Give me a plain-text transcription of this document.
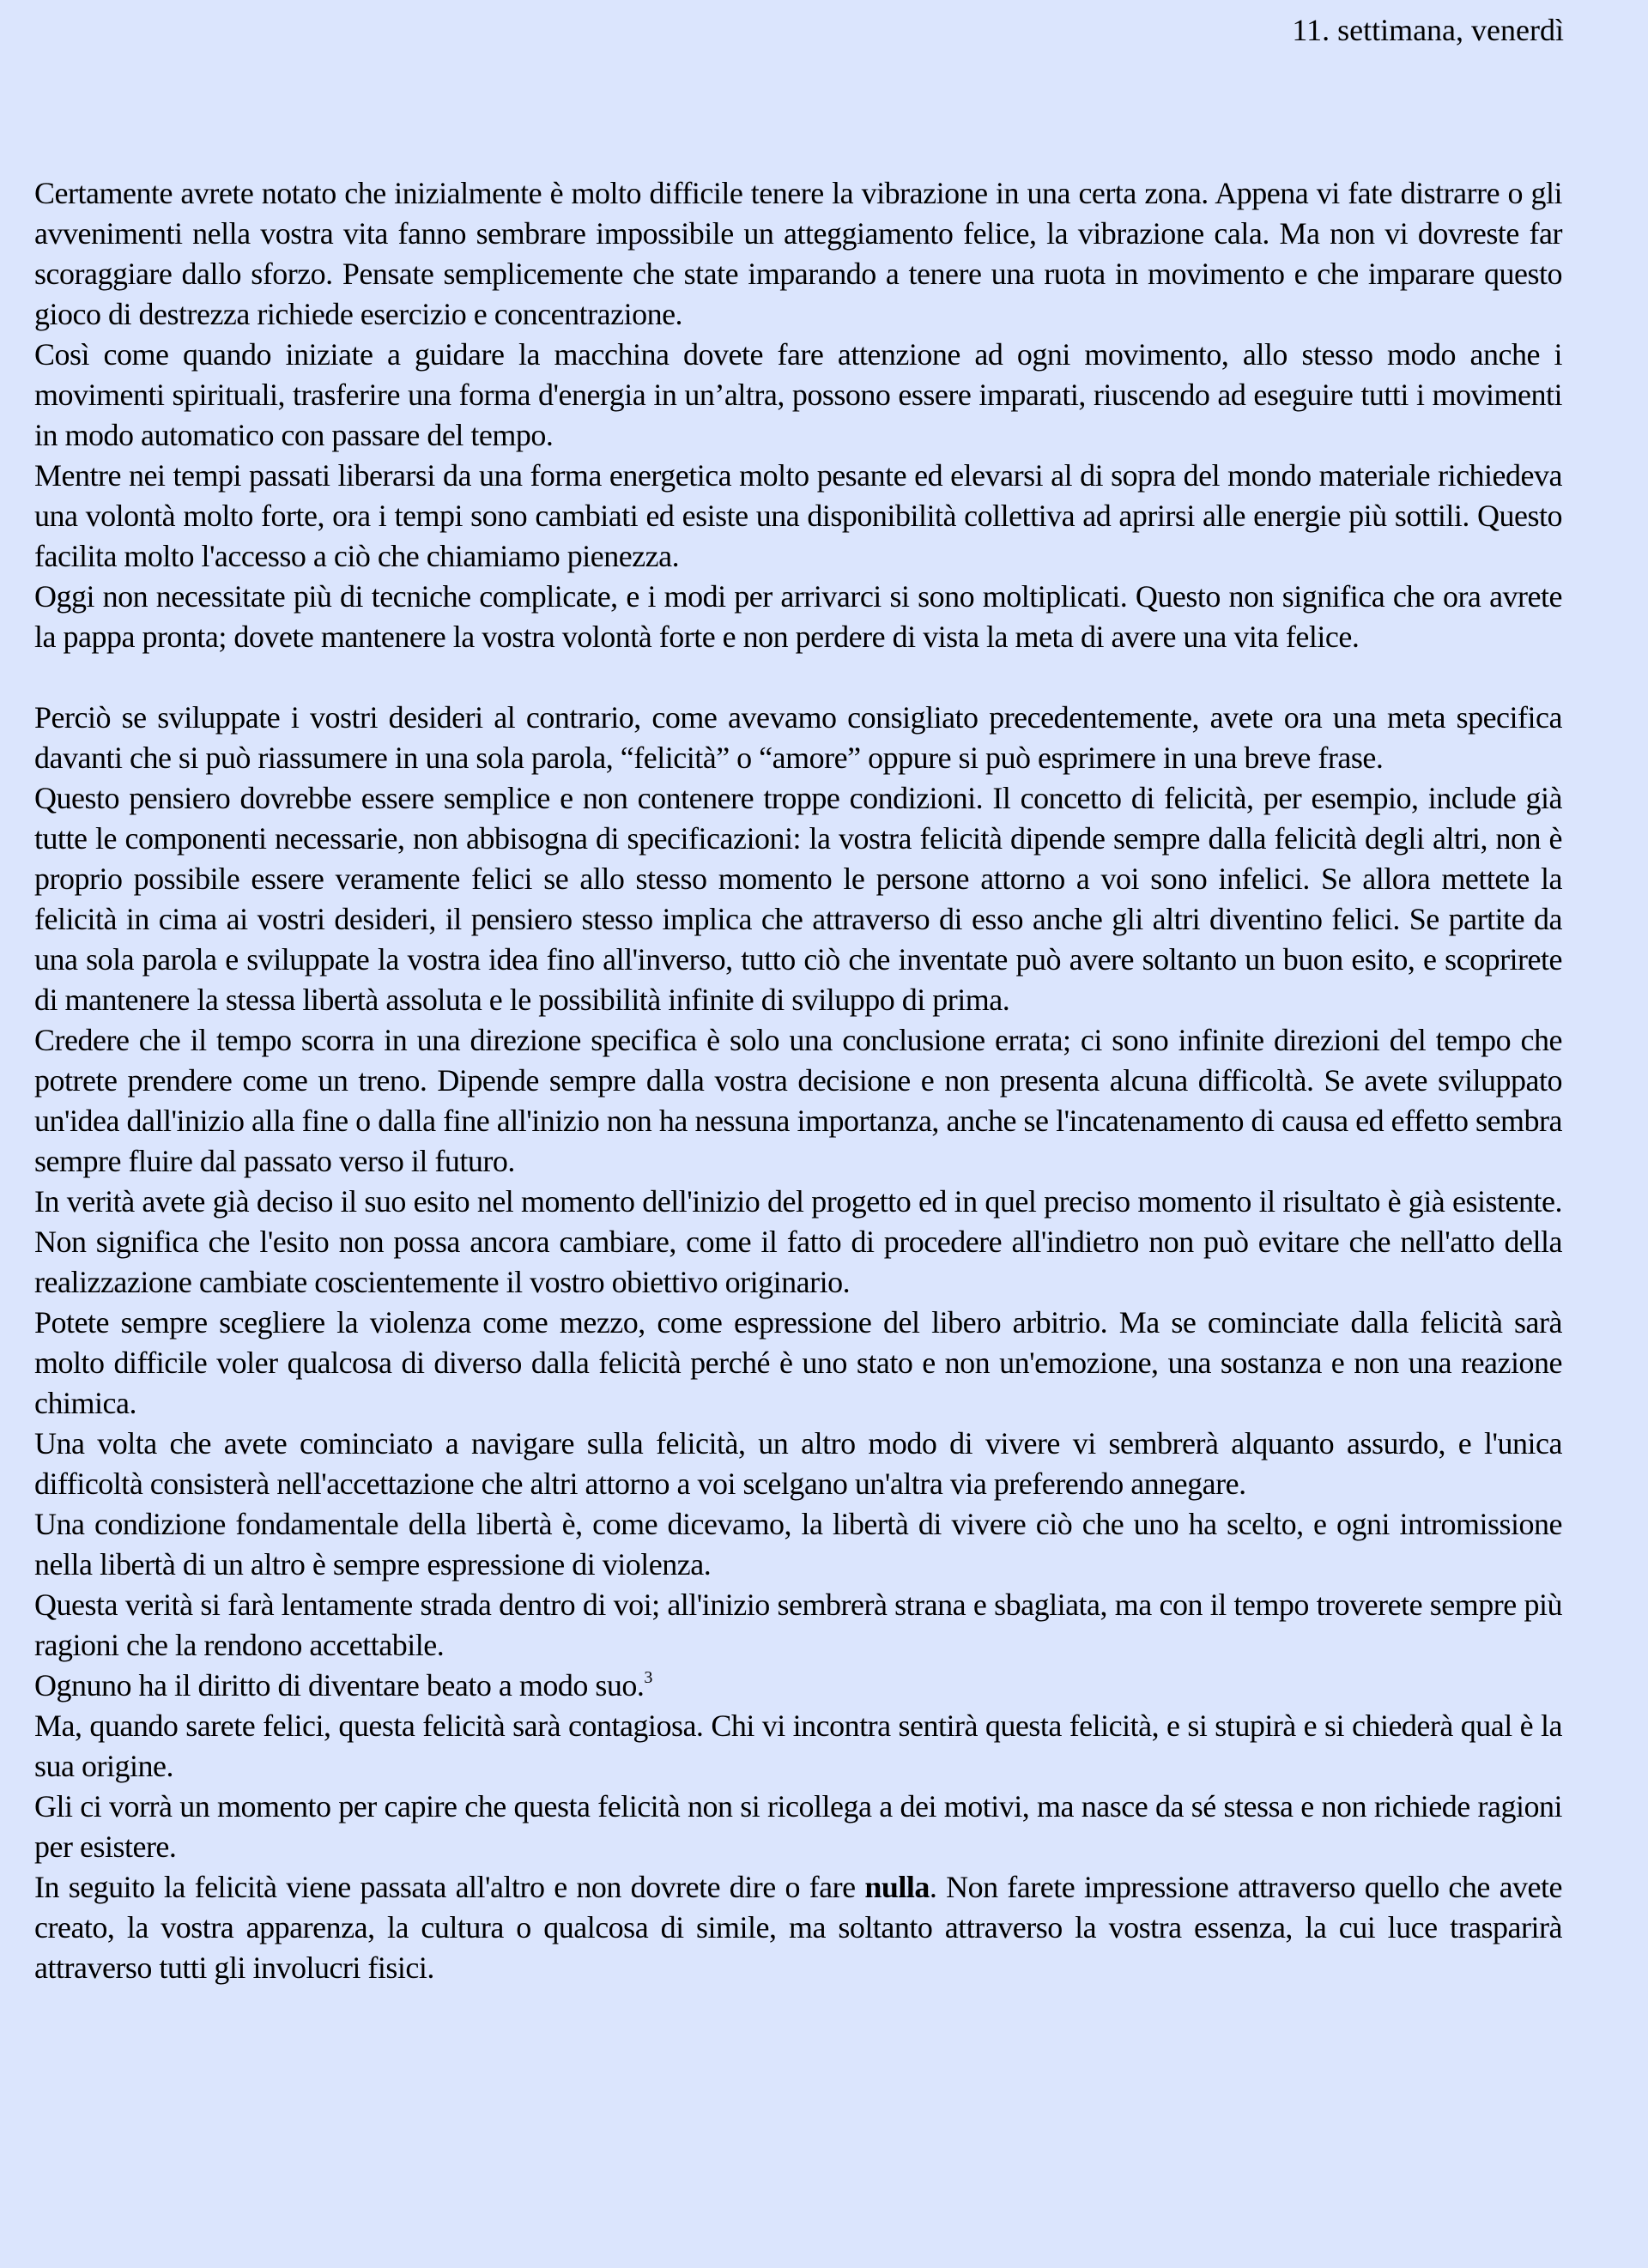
11. settimana, venerdì

Certamente avrete notato che inizialmente è molto difficile tenere la vibrazione in una certa zona. Appena vi fate distrarre o gli avvenimenti nella vostra vita fanno sembrare impossibile un atteggiamento felice, la vibrazione cala. Ma non vi dovreste far scoraggiare dallo sforzo. Pensate semplicemente che state imparando a tenere una ruota in movimento e che imparare questo gioco di destrezza richiede esercizio e concentrazione.

Così come quando iniziate a guidare la macchina dovete fare attenzione ad ogni movimento, allo stesso modo anche i movimenti spirituali, trasferire una forma d'energia in un’altra, possono essere imparati, riuscendo ad eseguire tutti i movimenti in modo automatico con passare del tempo.

Mentre nei tempi passati liberarsi da una forma energetica molto pesante ed elevarsi al di sopra del mondo materiale richiedeva una volontà molto forte, ora i tempi sono cambiati ed esiste una disponibilità collettiva ad aprirsi alle energie più sottili. Questo facilita molto l'accesso a ciò che chiamiamo pienezza.

Oggi non necessitate più di tecniche complicate, e i modi per arrivarci si sono moltiplicati. Questo non significa che ora avrete la pappa pronta; dovete mantenere la vostra volontà forte e non perdere di vista la meta di avere una vita felice.

Perciò se sviluppate i vostri desideri al contrario, come avevamo consigliato precedentemente, avete ora una meta specifica davanti che si può riassumere in una sola parola, “felicità” o “amore” oppure si può esprimere in una breve frase.

Questo pensiero dovrebbe essere semplice e non contenere troppe condizioni. Il concetto di felicità, per esempio, include già tutte le componenti necessarie, non abbisogna di specificazioni: la vostra felicità dipende sempre dalla felicità degli altri, non è proprio possibile essere veramente felici se allo stesso momento le persone attorno a voi sono infelici. Se allora mettete la felicità in cima ai vostri desideri, il pensiero stesso implica che attraverso di esso anche gli altri diventino felici. Se partite da una sola parola e sviluppate la vostra idea fino all'inverso, tutto ciò che inventate può avere soltanto un buon esito, e scoprirete di mantenere la stessa libertà assoluta e le possibilità infinite di sviluppo di prima.

Credere che il tempo scorra in una direzione specifica è solo una conclusione errata; ci sono infinite direzioni del tempo che potrete prendere come un treno. Dipende sempre dalla vostra decisione e non presenta alcuna difficoltà. Se avete sviluppato un'idea dall'inizio alla fine o dalla fine all'inizio non ha nessuna importanza, anche se l'incatenamento di causa ed effetto sembra sempre fluire dal passato verso il futuro.

In verità avete già deciso il suo esito nel momento dell'inizio del progetto ed in quel preciso momento il risultato è già esistente. Non significa che l'esito non possa ancora cambiare, come il fatto di procedere all'indietro non può evitare che nell'atto della realizzazione cambiate coscientemente il vostro obiettivo originario.

Potete sempre scegliere la violenza come mezzo, come espressione del libero arbitrio. Ma se cominciate dalla felicità sarà molto difficile voler qualcosa di diverso dalla felicità perché è uno stato e non un'emozione, una sostanza e non una reazione chimica.

Una volta che avete cominciato a navigare sulla felicità, un altro modo di vivere vi sembrerà alquanto assurdo, e l'unica difficoltà consisterà nell'accettazione che altri attorno a voi scelgano un'altra via preferendo annegare.

Una condizione fondamentale della libertà è, come dicevamo, la libertà di vivere ciò che uno ha scelto, e ogni intromissione nella libertà di un altro è sempre espressione di violenza.

Questa verità si farà lentamente strada dentro di voi; all'inizio sembrerà strana e sbagliata, ma con il tempo troverete sempre più ragioni che la rendono accettabile.

Ognuno ha il diritto di diventare beato a modo suo.$^3$

Ma, quando sarete felici, questa felicità sarà contagiosa. Chi vi incontra sentirà questa felicità, e si stupirà e si chiederà qual è la sua origine.

Gli ci vorrà un momento per capire che questa felicità non si ricollega a dei motivi, ma nasce da sé stessa e non richiede ragioni per esistere.

In seguito la felicità viene passata all'altro e non dovrete dire o fare nulla. Non farete impressione attraverso quello che avete creato, la vostra apparenza, la cultura o qualcosa di simile, ma soltanto attraverso la vostra essenza, la cui luce trasparirà attraverso tutti gli involucri fisici.
